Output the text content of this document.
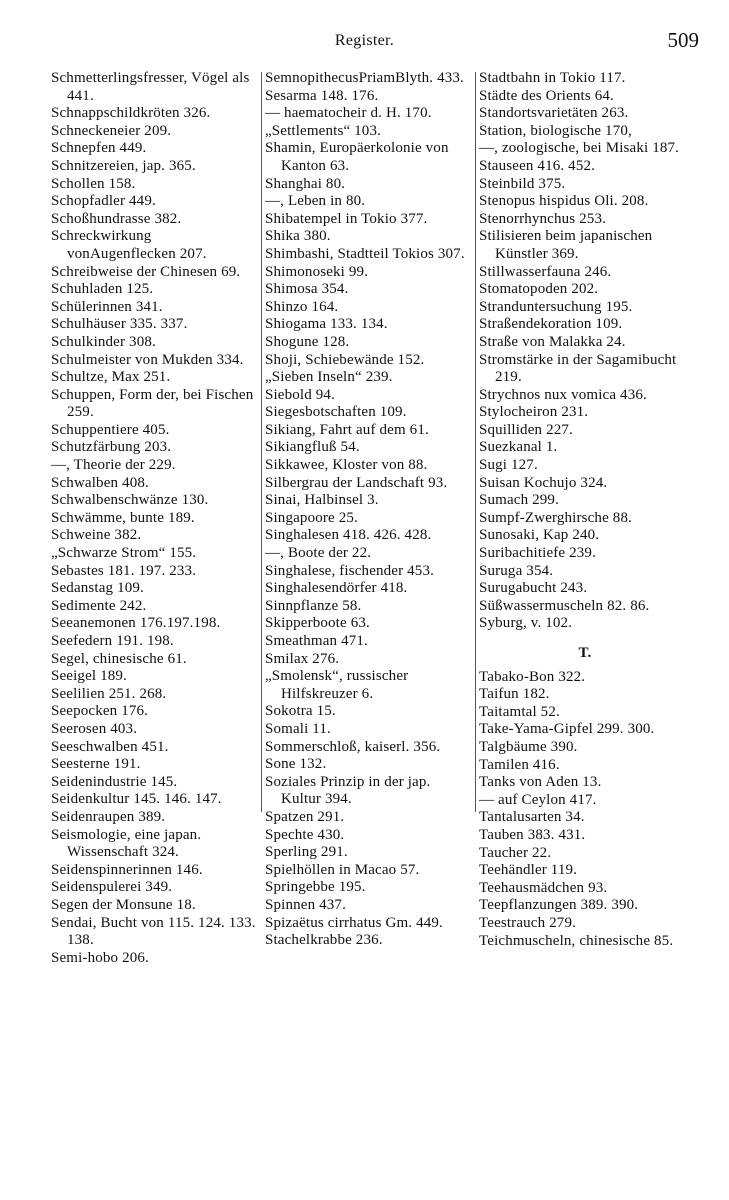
Register.	509

Schmetterlingsfresser, Vögel als 441.

Schnappschildkröten 326.

Schneckeneier 209.

Schnepfen 449.

Schnitzereien, jap. 365.

Schollen 158.

Schopfadler 449.

Schoßhundrasse 382.

Schreckwirkung vonAugenflecken 207.

Schreibweise der Chinesen 69.

Schuhladen 125.

Schülerinnen 341.

Schulhäuser 335. 337.

Schulkinder 308.

Schulmeister von Mukden 334.

Schultze, Max 251.

Schuppen, Form der, bei Fischen 259.

Schuppentiere 405.

Schutzfärbung 203.

—, Theorie der 229.

Schwalben 408.

Schwalbenschwänze 130.

Schwämme, bunte 189.

Schweine 382.

„Schwarze Strom“ 155.

Sebastes 181. 197. 233.

Sedanstag 109.

Sedimente 242.

Seeanemonen 176.197.198.

Seefedern 191. 198.

Segel, chinesische 61.

Seeigel 189.

Seelilien 251. 268.

Seepocken 176.

Seerosen 403.

Seeschwalben 451.

Seesterne 191.

Seidenindustrie 145.

Seidenkultur 145. 146. 147.

Seidenraupen 389.

Seismologie, eine japan. Wissenschaft 324.

Seidenspinnerinnen 146.

Seidenspulerei 349.

Segen der Monsune 18.

Sendai, Bucht von 115. 124. 133. 138.

Semi-hobo 206.

SemnopithecusPriamBlyth. 433.

Sesarma 148. 176.

— haematocheir d. H. 170.

„Settlements“ 103.

Shamin, Europäerkolonie von Kanton 63.

Shanghai 80.

—, Leben in 80.

Shibatempel in Tokio 377.

Shika 380.

Shimbashi, Stadtteil Tokios 307.

Shimonoseki 99.

Shimosa 354.

Shinzo 164.

Shiogama 133. 134.

Shogune 128.

Shoji, Schiebewände 152.

„Sieben Inseln“ 239.

Siebold 94.

Siegesbotschaften 109.

Sikiang, Fahrt auf dem 61.

Sikiangfluß 54.

Sikkawee, Kloster von 88.

Silbergrau der Landschaft 93.

Sinai, Halbinsel 3.

Singapoore 25.

Singhalesen 418. 426. 428.

—, Boote der 22.

Singhalese, fischender 453.

Singhalesendörfer 418.

Sinnpflanze 58.

Skipperboote 63.

Smeathman 471.

Smilax 276.

„Smolensk“, russischer Hilfskreuzer 6.

Sokotra 15.

Somali 11.

Sommerschloß, kaiserl. 356.

Sone 132.

Soziales Prinzip in der jap. Kultur 394.

Spatzen 291.

Spechte 430.

Sperling 291.

Spielhöllen in Macao 57.

Springebbe 195.

Spinnen 437.

Spizaëtus cirrhatus Gm. 449.

Stachelkrabbe 236.

Stadtbahn in Tokio 117.

Städte des Orients 64.

Standortsvarietäten 263.

Station, biologische 170,

—, zoologische, bei Misaki 187.

Stauseen 416. 452.

Steinbild 375.

Stenopus hispidus Oli. 208.

Stenorrhynchus 253.

Stilisieren beim japanischen Künstler 369.

Stillwasserfauna 246.

Stomatopoden 202.

Stranduntersuchung 195.

Straßendekoration 109.

Straße von Malakka 24.

Stromstärke in der Sagamibucht 219.

Strychnos nux vomica 436.

Stylocheiron 231.

Squilliden 227.

Suezkanal 1.

Sugi 127.

Suisan Kochujo 324.

Sumach 299.

Sumpf-Zwerghirsche 88.

Sunosaki, Kap 240.

Suribachitiefe 239.

Suruga 354.

Surugabucht 243.

Süßwassermuscheln 82. 86.

Syburg, v. 102.

T.

Tabako-Bon 322.

Taifun 182.

Taitamtal 52.

Take-Yama-Gipfel 299. 300.

Talgbäume 390.

Tamilen 416.

Tanks von Aden 13.

— auf Ceylon 417.

Tantalusarten 34.

Tauben 383. 431.

Taucher 22.

Teehändler 119.

Teehausmädchen 93.

Teepflanzungen 389. 390.

Teestrauch 279.

Teichmuscheln, chinesische 85.
